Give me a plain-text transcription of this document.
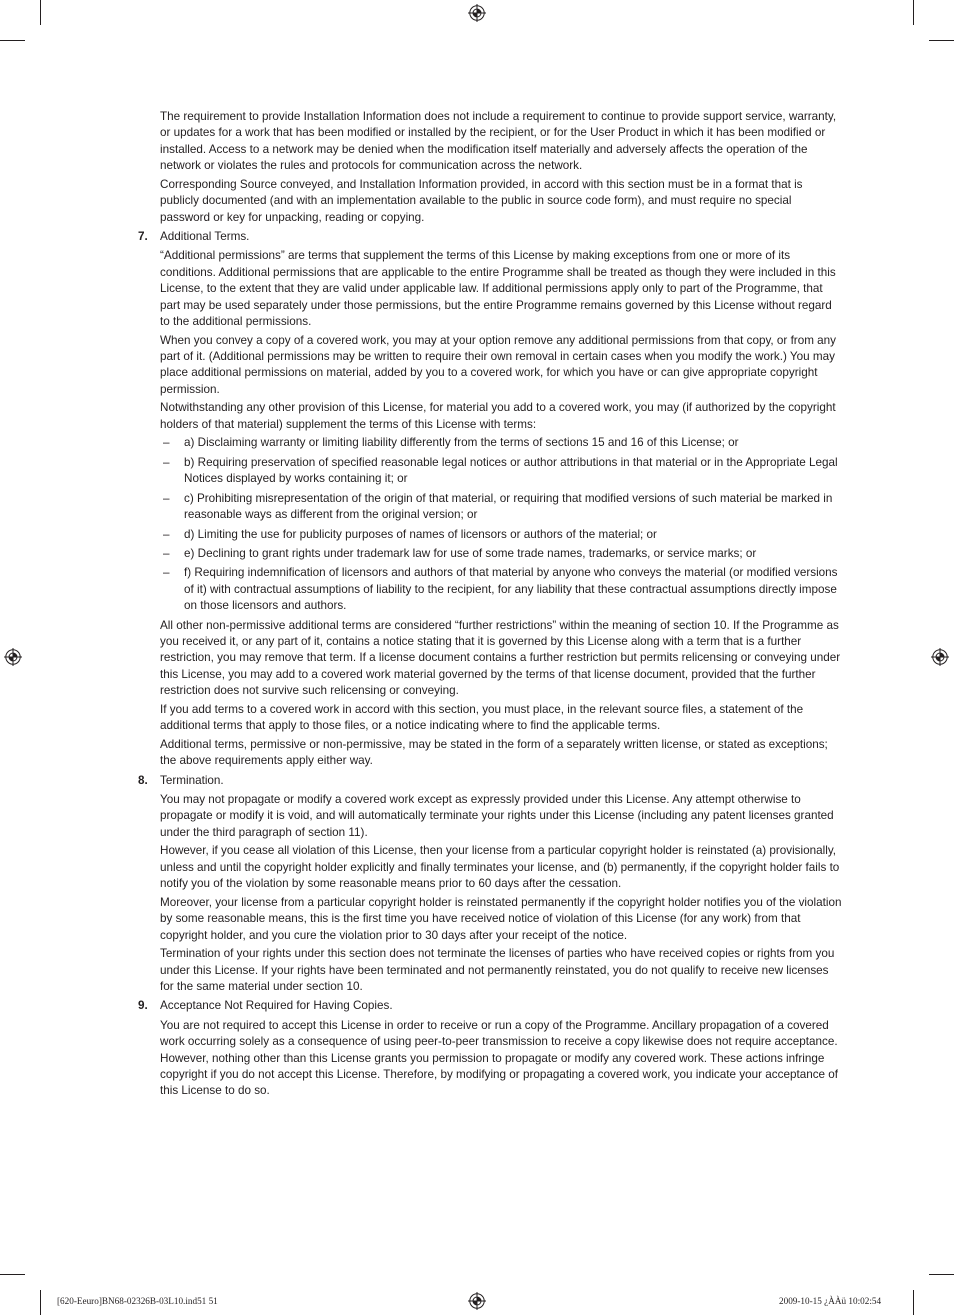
The requirement to provide Installation Information does not include a requirement to continue to provide support service, warranty, or updates for a work that has been modified or installed by the recipient, or for the User Product in which it has been modified or installed. Access to a network may be denied when the modification itself materially and adversely affects the operation of the network or violates the rules and protocols for communication across the network.

Corresponding Source conveyed, and Installation Information provided, in accord with this section must be in a format that is publicly documented (and with an implementation available to the public in source code form), and must require no special password or key for unpacking, reading or copying.

7. Additional Terms.

“Additional permissions” are terms that supplement the terms of this License by making exceptions from one or more of its conditions. Additional permissions that are applicable to the entire Programme shall be treated as though they were included in this License, to the extent that they are valid under applicable law. If additional permissions apply only to part of the Programme, that part may be used separately under those permissions, but the entire Programme remains governed by this License without regard to the additional permissions.

When you convey a copy of a covered work, you may at your option remove any additional permissions from that copy, or from any part of it. (Additional permissions may be written to require their own removal in certain cases when you modify the work.) You may place additional permissions on material, added by you to a covered work, for which you have or can give appropriate copyright permission.

Notwithstanding any other provision of this License, for material you add to a covered work, you may (if authorized by the copyright holders of that material) supplement the terms of this License with terms:

– a) Disclaiming warranty or limiting liability differently from the terms of sections 15 and 16 of this License; or
– b) Requiring preservation of specified reasonable legal notices or author attributions in that material or in the Appropriate Legal Notices displayed by works containing it; or
– c) Prohibiting misrepresentation of the origin of that material, or requiring that modified versions of such material be marked in reasonable ways as different from the original version; or
– d) Limiting the use for publicity purposes of names of licensors or authors of the material; or
– e) Declining to grant rights under trademark law for use of some trade names, trademarks, or service marks; or
– f) Requiring indemnification of licensors and authors of that material by anyone who conveys the material (or modified versions of it) with contractual assumptions of liability to the recipient, for any liability that these contractual assumptions directly impose on those licensors and authors.

All other non-permissive additional terms are considered “further restrictions” within the meaning of section 10. If the Programme as you received it, or any part of it, contains a notice stating that it is governed by this License along with a term that is a further restriction, you may remove that term. If a license document contains a further restriction but permits relicensing or conveying under this License, you may add to a covered work material governed by the terms of that license document, provided that the further restriction does not survive such relicensing or conveying.

If you add terms to a covered work in accord with this section, you must place, in the relevant source files, a statement of the additional terms that apply to those files, or a notice indicating where to find the applicable terms.

Additional terms, permissive or non-permissive, may be stated in the form of a separately written license, or stated as exceptions; the above requirements apply either way.

8. Termination.

You may not propagate or modify a covered work except as expressly provided under this License. Any attempt otherwise to propagate or modify it is void, and will automatically terminate your rights under this License (including any patent licenses granted under the third paragraph of section 11).

However, if you cease all violation of this License, then your license from a particular copyright holder is reinstated (a) provisionally, unless and until the copyright holder explicitly and finally terminates your license, and (b) permanently, if the copyright holder fails to notify you of the violation by some reasonable means prior to 60 days after the cessation.

Moreover, your license from a particular copyright holder is reinstated permanently if the copyright holder notifies you of the violation by some reasonable means, this is the first time you have received notice of violation of this License (for any work) from that copyright holder, and you cure the violation prior to 30 days after your receipt of the notice.

Termination of your rights under this section does not terminate the licenses of parties who have received copies or rights from you under this License. If your rights have been terminated and not permanently reinstated, you do not qualify to receive new licenses for the same material under section 10.

9. Acceptance Not Required for Having Copies.

You are not required to accept this License in order to receive or run a copy of the Programme. Ancillary propagation of a covered work occurring solely as a consequence of using peer-to-peer transmission to receive a copy likewise does not require acceptance. However, nothing other than this License grants you permission to propagate or modify any covered work. These actions infringe copyright if you do not accept this License. Therefore, by modifying or propagating a covered work, you indicate your acceptance of this License to do so.

[620-Eeuro]BN68-02326B-03L10.ind51 51	2009-10-15 ¿ÀÀü 10:02:54
